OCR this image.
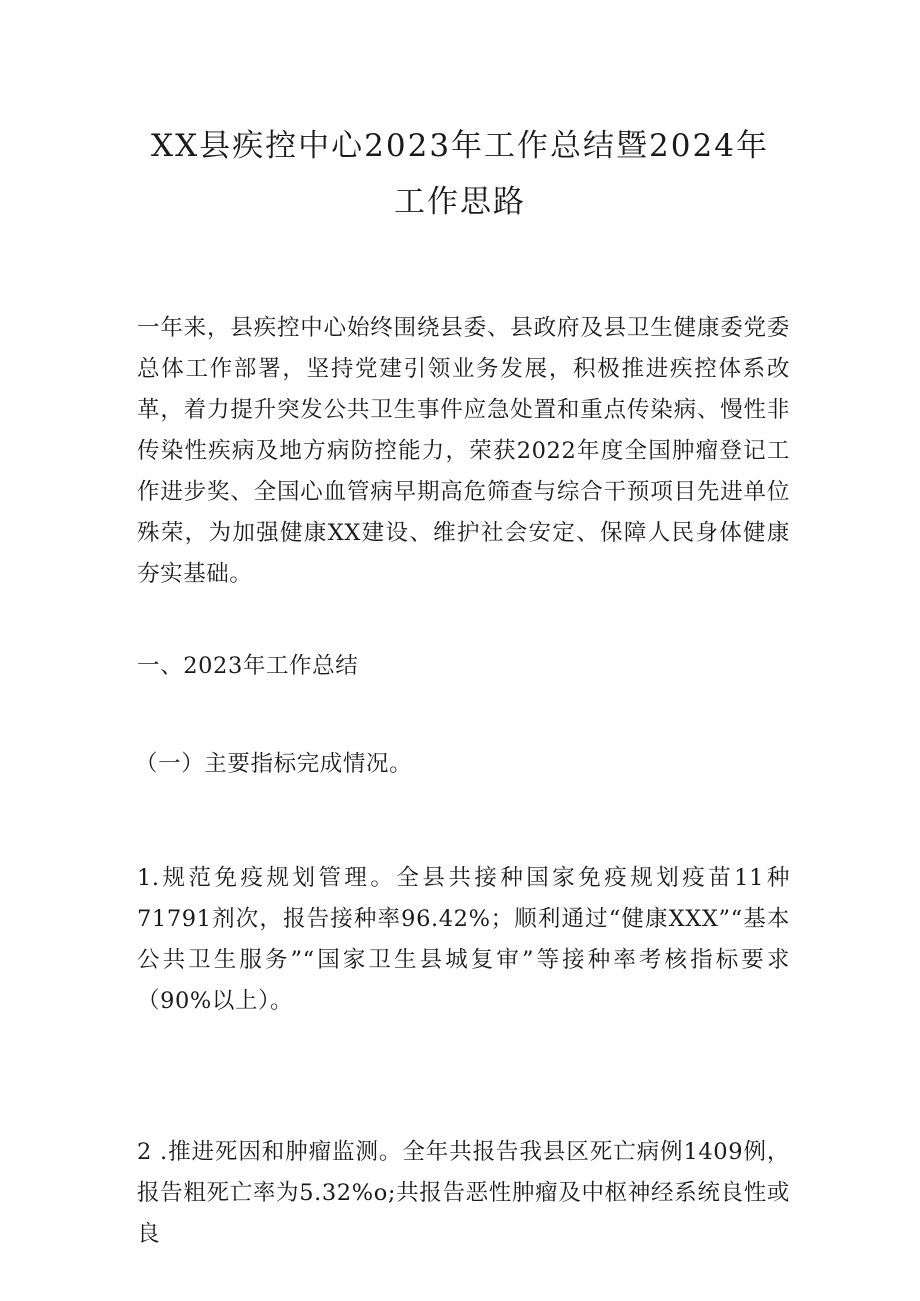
XX县疾控中心2023年工作总结暨2024年
工作思路

一年来，县疾控中心始终围绕县委、县政府及县卫生健康委党委总体工作部署，坚持党建引领业务发展，积极推进疾控体系改革，着力提升突发公共卫生事件应急处置和重点传染病、慢性非传染性疾病及地方病防控能力，荣获2022年度全国肿瘤登记工作进步奖、全国心血管病早期高危筛查与综合干预项目先进单位殊荣，为加强健康XX建设、维护社会安定、保障人民身体健康夯实基础。

一、2023年工作总结

（一）主要指标完成情况。

1.规范免疫规划管理。全县共接种国家免疫规划疫苗11种71791剂次，报告接种率96.42%；顺利通过“健康XXX”“基本公共卫生服务”“国家卫生县城复审”等接种率考核指标要求（90%以上）。

2 .推进死因和肿瘤监测。全年共报告我县区死亡病例1409例，报告粗死亡率为5.32%o;共报告恶性肿瘤及中枢神经系统良性或良
